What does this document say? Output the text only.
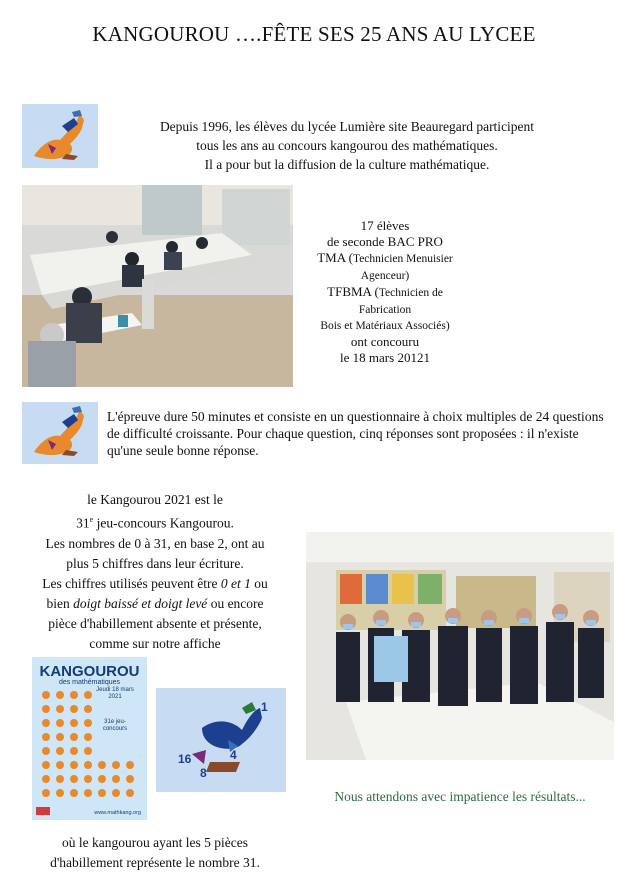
KANGOUROU ….FÊTE SES 25 ANS AU LYCEE
Depuis 1996, les élèves du lycée Lumière site Beauregard participent
tous les ans au concours kangourou des mathématiques.
Il a pour but la diffusion de la culture mathématique.
17 élèves
de seconde BAC PRO
TMA (Technicien Menuisier Agenceur)
TFBMA (Technicien de Fabrication
Bois et Matériaux Associés)
ont concouru
le 18 mars 20121
L'épreuve dure 50 minutes et consiste en un questionnaire à choix multiples de 24 questions de difficulté croissante. Pour chaque question, cinq réponses sont proposées : il n'existe qu'une seule bonne réponse.
le Kangourou 2021 est le
31e jeu-concours Kangourou.
Les nombres de 0 à 31, en base 2, ont au
plus 5 chiffres dans leur écriture.
Les chiffres utilisés peuvent être 0 et 1 ou
bien doigt baissé et doigt levé ou encore
pièce d'habillement absente et présente,
comme sur notre affiche
Nous attendons avec impatience les résultats...
KANGOUROU
des mathématiques
Jeudi 18 mars 2021
31e jeu-concours
www.mathkang.org
1
2
4
8
16
où le kangourou ayant les 5 pièces
d'habillement représente le nombre 31.
